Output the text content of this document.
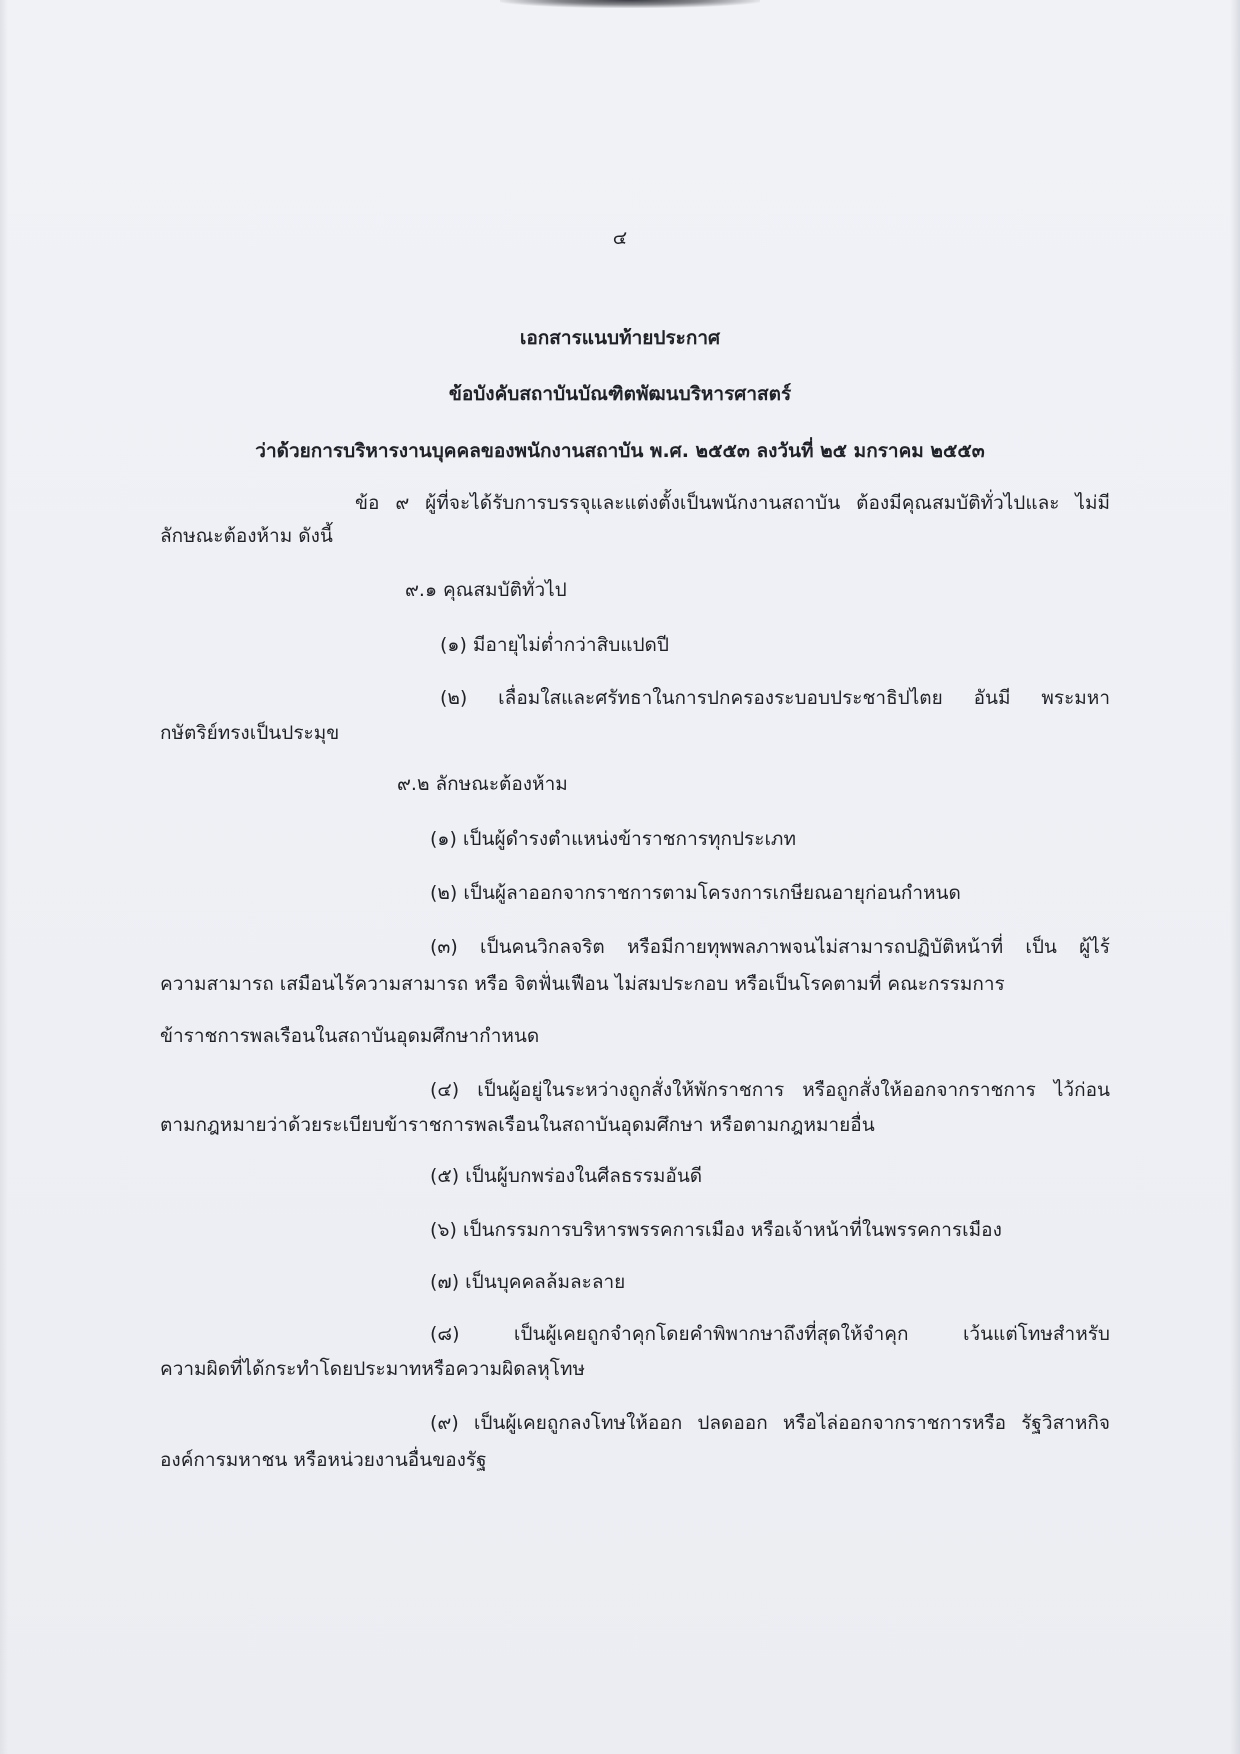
๔
เอกสารแนบท้ายประกาศ
ข้อบังคับสถาบันบัณฑิตพัฒนบริหารศาสตร์
ว่าด้วยการบริหารงานบุคคลของพนักงานสถาบัน พ.ศ. ๒๕๕๓ ลงวันที่ ๒๕ มกราคม ๒๕๕๓
ข้อ ๙ ผู้ที่จะได้รับการบรรจุและแต่งตั้งเป็นพนักงานสถาบัน ต้องมีคุณสมบัติทั่วไปและ ไม่มี
ลักษณะต้องห้าม ดังนี้
๙.๑ คุณสมบัติทั่วไป
(๑) มีอายุไม่ต่ำกว่าสิบแปดปี
(๒) เลื่อมใสและศรัทธาในการปกครองระบอบประชาธิปไตย อันมี พระมหา
กษัตริย์ทรงเป็นประมุข
๙.๒ ลักษณะต้องห้าม
(๑) เป็นผู้ดำรงตำแหน่งข้าราชการทุกประเภท
(๒) เป็นผู้ลาออกจากราชการตามโครงการเกษียณอายุก่อนกำหนด
(๓) เป็นคนวิกลจริต หรือมีกายทุพพลภาพจนไม่สามารถปฏิบัติหน้าที่ เป็น ผู้ไร้
ความสามารถ เสมือนไร้ความสามารถ หรือ จิตฟั่นเฟือน ไม่สมประกอบ หรือเป็นโรคตามที่ คณะกรรมการ
ข้าราชการพลเรือนในสถาบันอุดมศึกษากำหนด
(๔) เป็นผู้อยู่ในระหว่างถูกสั่งให้พักราชการ หรือถูกสั่งให้ออกจากราชการ ไว้ก่อน
ตามกฎหมายว่าด้วยระเบียบข้าราชการพลเรือนในสถาบันอุดมศึกษา หรือตามกฎหมายอื่น
(๕) เป็นผู้บกพร่องในศีลธรรมอันดี
(๖) เป็นกรรมการบริหารพรรคการเมือง หรือเจ้าหน้าที่ในพรรคการเมือง
(๗) เป็นบุคคลล้มละลาย
(๘) เป็นผู้เคยถูกจำคุกโดยคำพิพากษาถึงที่สุดให้จำคุก เว้นแต่โทษสำหรับ
ความผิดที่ได้กระทำโดยประมาทหรือความผิดลหุโทษ
(๙) เป็นผู้เคยถูกลงโทษให้ออก ปลดออก หรือไล่ออกจากราชการหรือ รัฐวิสาหกิจ
องค์การมหาชน หรือหน่วยงานอื่นของรัฐ
